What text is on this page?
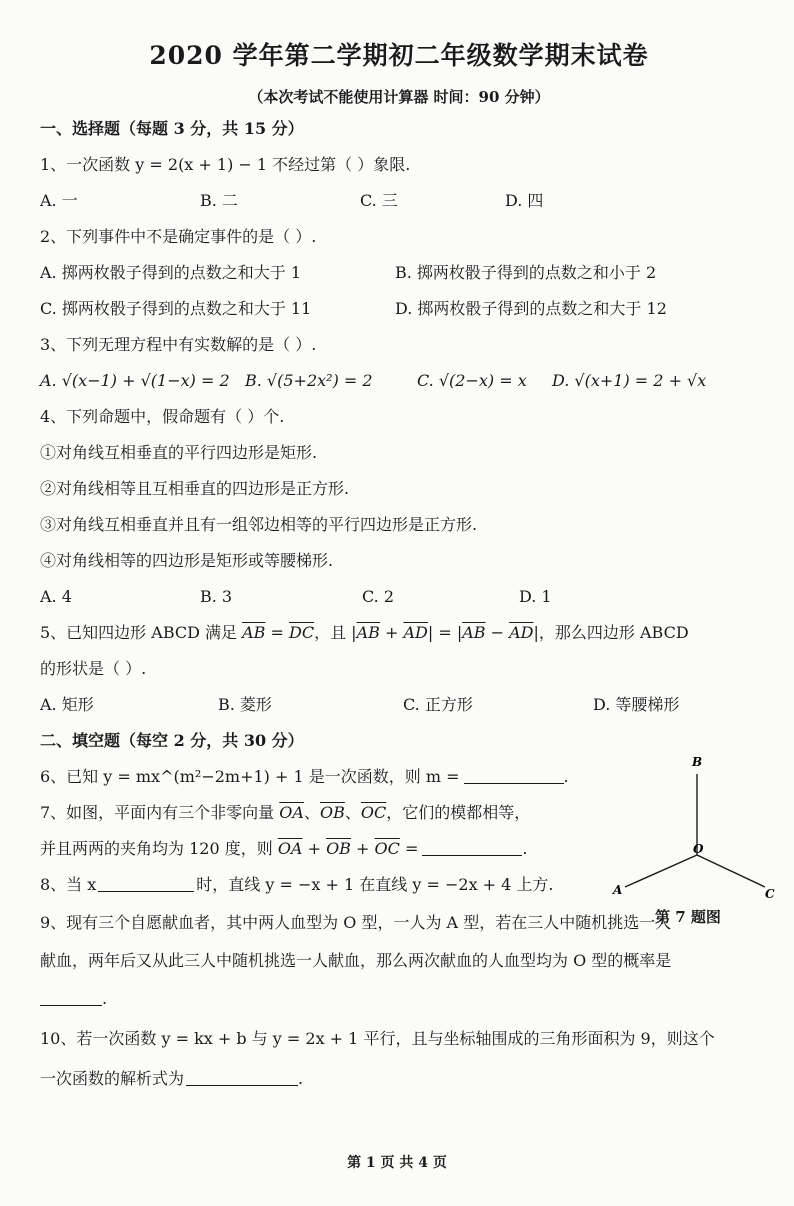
2020 学年第二学期初二年级数学期末试卷
（本次考试不能使用计算器 时间：90 分钟）
一、选择题（每题 3 分，共 15 分）
1、一次函数 y = 2(x + 1) − 1 不经过第（ ）象限.
A. 一	B. 二	C. 三	D. 四
2、下列事件中不是确定事件的是（ ）.
A. 掷两枚骰子得到的点数之和大于 1	B. 掷两枚骰子得到的点数之和小于 2
C. 掷两枚骰子得到的点数之和大于 11	D. 掷两枚骰子得到的点数之和大于 12
3、下列无理方程中有实数解的是（ ）.
A. √(x−1) + √(1−x) = 2 B. √(5+2x²) = 2	C. √(2−x) = x	D. √(x+1) = 2 + √x
4、下列命题中，假命题有（ ）个.
①对角线互相垂直的平行四边形是矩形.
②对角线相等且互相垂直的四边形是正方形.
③对角线互相垂直并且有一组邻边相等的平行四边形是正方形.
④对角线相等的四边形是矩形或等腰梯形.
A. 4	B. 3	C. 2	D. 1
5、已知四边形 ABCD 满足 $\overline{AB} = \overline{DC}$，且 $|\overline{AB} + \overline{AD}| = |\overline{AB} - \overline{AD}|$，那么四边形 ABCD
的形状是（ ）.
A. 矩形	B. 菱形	C. 正方形	D. 等腰梯形
二、填空题（每空 2 分，共 30 分）
6、已知 y = mx^(m²−2m+1) + 1 是一次函数，则 m =	.
7、如图，平面内有三个非零向量 $\overline{OA}$、$\overline{OB}$、$\overline{OC}$，它们的模都相等，
并且两两的夹角均为 120 度，则 $\overline{OA} + \overline{OB} + \overline{OC}$ =	.
8、当 x	时，直线 y = −x + 1 在直线 y = −2x + 4 上方.
9、现有三个自愿献血者，其中两人血型为 O 型，一人为 A 型，若在三人中随机挑选一人
献血，两年后又从此三人中随机挑选一人献血，那么两次献血的人血型均为 O 型的概率是
.
10、若一次函数 y = kx + b 与 y = 2x + 1 平行，且与坐标轴围成的三角形面积为 9，则这个
一次函数的解析式为	.
B
O
A	C
第 7 题图
第 1 页 共 4 页
